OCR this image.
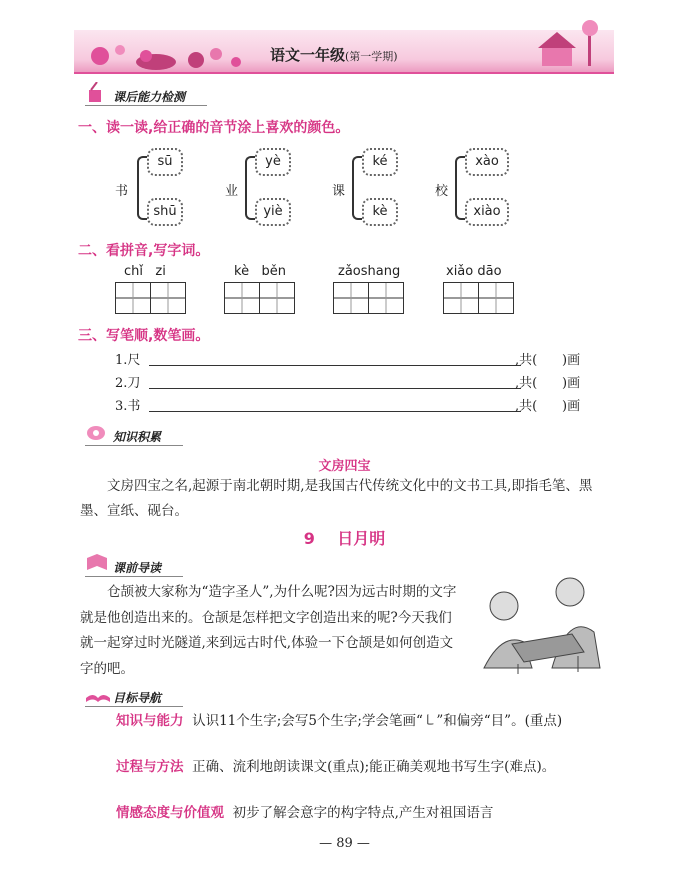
语文一年级(第一学期)
课后能力检测
一、读一读,给正确的音节涂上喜欢的颜色。
书
sū
shū
业
yè
yiè
课
ké
kè
校
xào
xiào
二、看拼音,写字词。
chǐ   zi	kè   běn	zǎoshang	xiǎo dāo
三、写笔顺,数笔画。
1.尺	,共(      )画
2.刀	,共(      )画
3.书	,共(      )画
知识积累
文房四宝
文房四宝之名,起源于南北朝时期,是我国古代传统文化中的文书工具,即指毛笔、黑墨、宣纸、砚台。
9 日月明
课前导读
仓颉被大家称为“造字圣人”,为什么呢?因为远古时期的文字就是他创造出来的。仓颉是怎样把文字创造出来的呢?今天我们就一起穿过时光隧道,来到远古时代,体验一下仓颉是如何创造文字的吧。
目标导航
知识与能力 认识11个生字;会写5个生字;学会笔画“㇄”和偏旁“目”。(重点)
过程与方法 正确、流利地朗读课文(重点);能正确美观地书写生字(难点)。
情感态度与价值观 初步了解会意字的构字特点,产生对祖国语言
— 89 —
